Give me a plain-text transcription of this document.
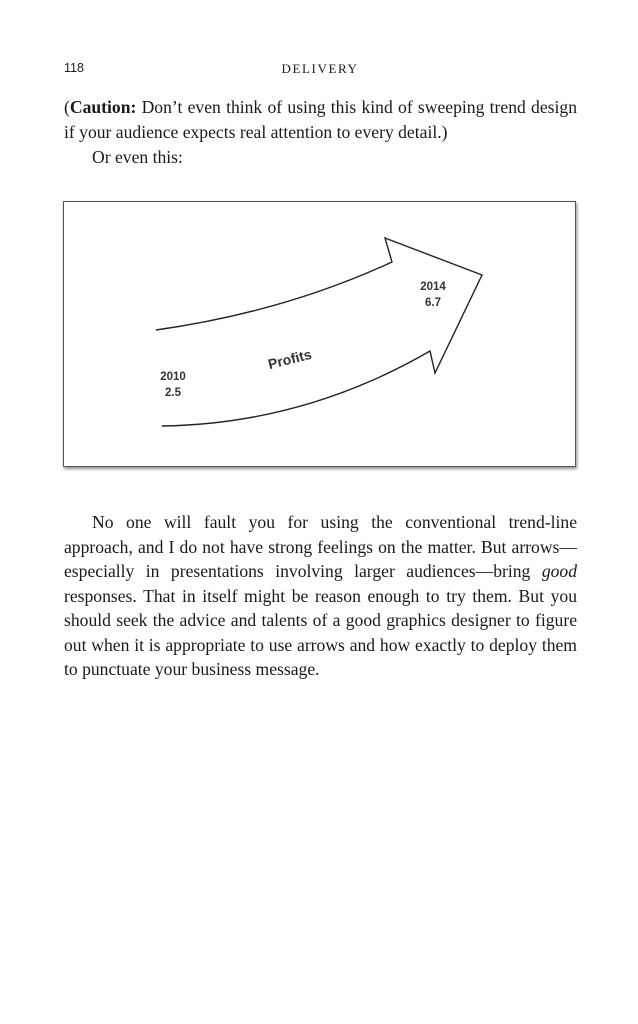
118	DELIVERY

(Caution: Don’t even think of using this kind of sweeping trend design if your audience expects real attention to every detail.)

Or even this:

Profits
2010
2.5
2014
6.7

No one will fault you for using the conventional trend-line approach, and I do not have strong feelings on the matter. But arrows—especially in presentations involving larger audiences—bring good responses. That in itself might be reason enough to try them. But you should seek the advice and talents of a good graphics designer to figure out when it is appropriate to use arrows and how exactly to deploy them to punctuate your business message.
